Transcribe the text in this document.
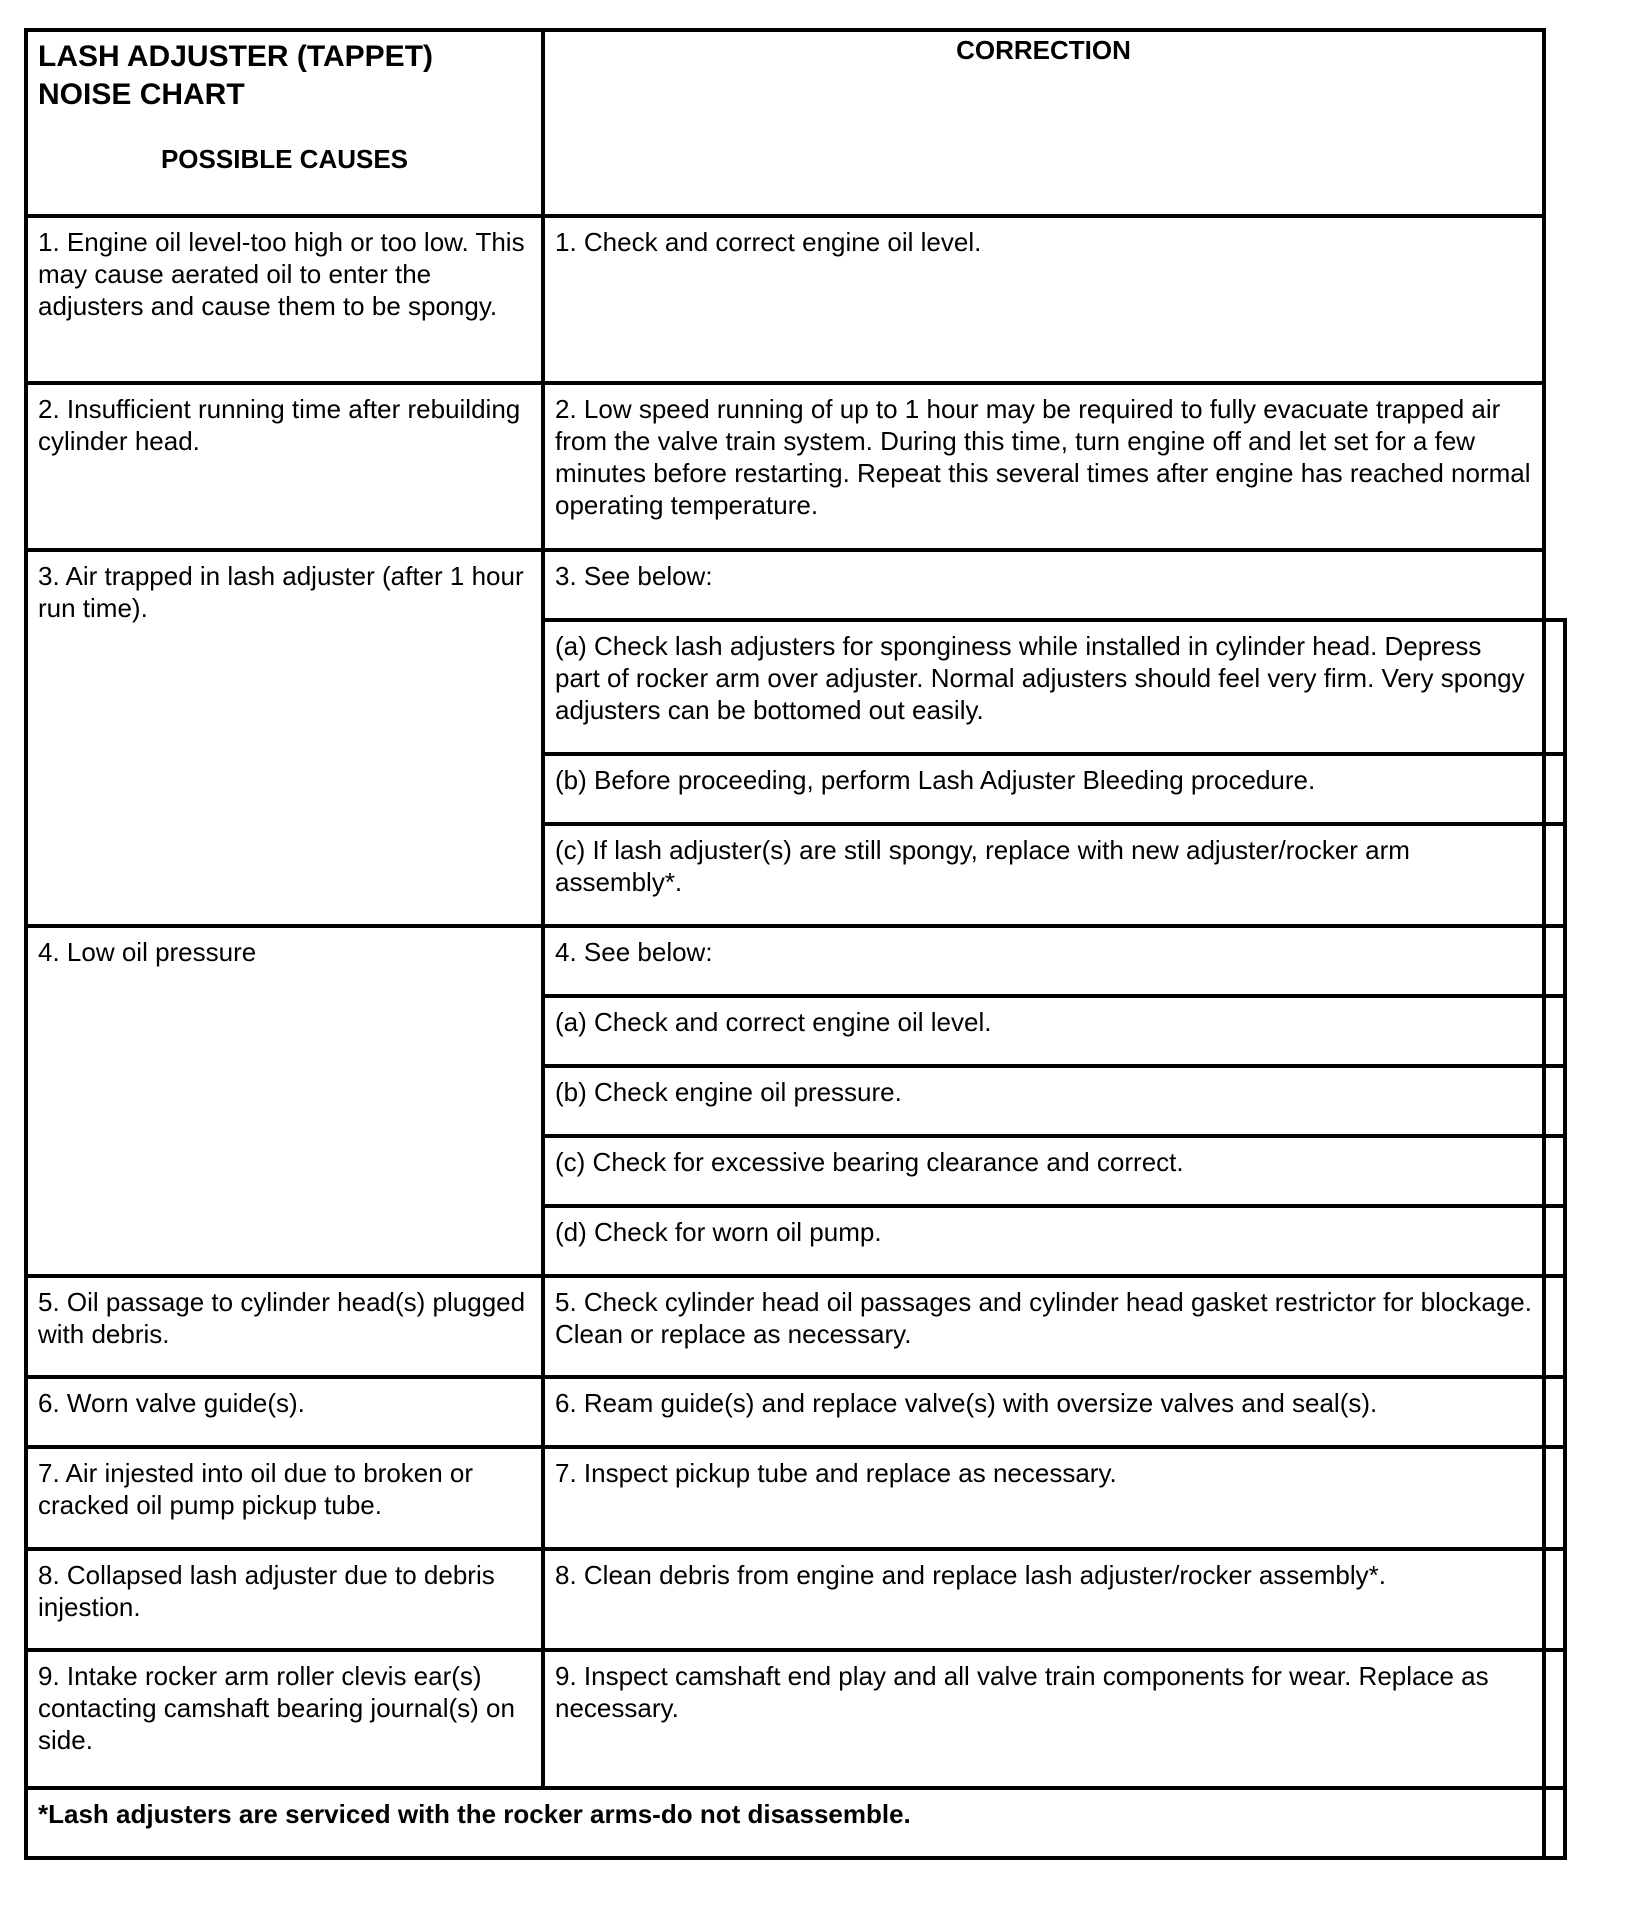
LASH ADJUSTER (TAPPET)
NOISE CHART
POSSIBLE CAUSES
CORRECTION
1. Engine oil level-too high or too low. This may cause aerated oil to enter the adjusters and cause them to be spongy.
1. Check and correct engine oil level.
2. Insufficient running time after rebuilding cylinder head.
2. Low speed running of up to 1 hour may be required to fully evacuate trapped air from the valve train system. During this time, turn engine off and let set for a few minutes before restarting. Repeat this several times after engine has reached normal operating temperature.
3. Air trapped in lash adjuster (after 1 hour run time).
3. See below:
(a) Check lash adjusters for sponginess while installed in cylinder head. Depress part of rocker arm over adjuster. Normal adjusters should feel very firm. Very spongy adjusters can be bottomed out easily.
(b) Before proceeding, perform Lash Adjuster Bleeding procedure.
(c) If lash adjuster(s) are still spongy, replace with new adjuster/rocker arm assembly*.
4. Low oil pressure	4. See below:
(a) Check and correct engine oil level.
(b) Check engine oil pressure.
(c) Check for excessive bearing clearance and correct.
(d) Check for worn oil pump.
5. Oil passage to cylinder head(s) plugged with debris.
5. Check cylinder head oil passages and cylinder head gasket restrictor for blockage. Clean or replace as necessary.
6. Worn valve guide(s).	6. Ream guide(s) and replace valve(s) with oversize valves and seal(s).
7. Air injested into oil due to broken or cracked oil pump pickup tube.
7. Inspect pickup tube and replace as necessary.
8. Collapsed lash adjuster due to debris injestion.
8. Clean debris from engine and replace lash adjuster/rocker assembly*.
9. Intake rocker arm roller clevis ear(s) contacting camshaft bearing journal(s) on side.
9. Inspect camshaft end play and all valve train components for wear. Replace as necessary.
*Lash adjusters are serviced with the rocker arms-do not disassemble.
